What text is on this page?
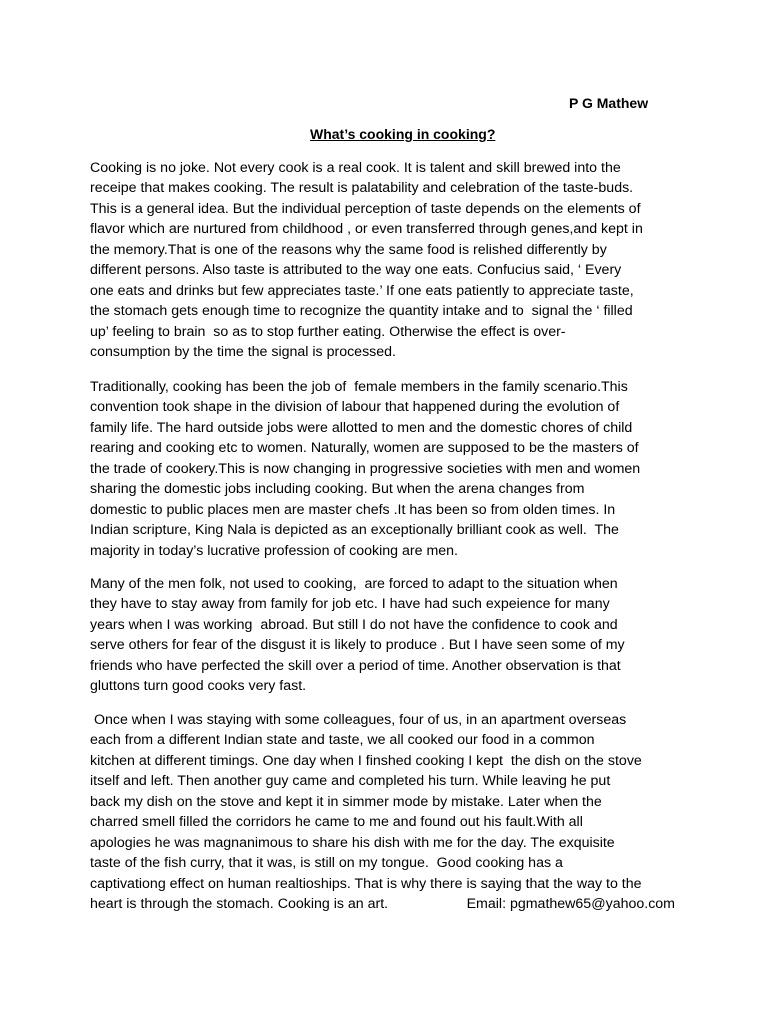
P G Mathew
What’s cooking in cooking?

Cooking is no joke. Not every cook is a real cook. It is talent and skill brewed into the
receipe that makes cooking. The result is palatability and celebration of the taste-buds.
This is a general idea. But the individual perception of taste depends on the elements of
flavor which are nurtured from childhood , or even transferred through genes,and kept in
the memory.That is one of the reasons why the same food is relished differently by
different persons. Also taste is attributed to the way one eats. Confucius said, ‘ Every
one eats and drinks but few appreciates taste.’ If one eats patiently to appreciate taste,
the stomach gets enough time to recognize the quantity intake and to  signal the ‘ filled
up’ feeling to brain  so as to stop further eating. Otherwise the effect is over-
consumption by the time the signal is processed.

Traditionally, cooking has been the job of  female members in the family scenario.This
convention took shape in the division of labour that happened during the evolution of
family life. The hard outside jobs were allotted to men and the domestic chores of child
rearing and cooking etc to women. Naturally, women are supposed to be the masters of
the trade of cookery.This is now changing in progressive societies with men and women
sharing the domestic jobs including cooking. But when the arena changes from
domestic to public places men are master chefs .It has been so from olden times. In
Indian scripture, King Nala is depicted as an exceptionally brilliant cook as well.  The
majority in today’s lucrative profession of cooking are men.

Many of the men folk, not used to cooking,  are forced to adapt to the situation when
they have to stay away from family for job etc. I have had such expeience for many
years when I was working  abroad. But still I do not have the confidence to cook and
serve others for fear of the disgust it is likely to produce . But I have seen some of my
friends who have perfected the skill over a period of time. Another observation is that
gluttons turn good cooks very fast.

Once when I was staying with some colleagues, four of us, in an apartment overseas
each from a different Indian state and taste, we all cooked our food in a common
kitchen at different timings. One day when I finshed cooking I kept  the dish on the stove
itself and left. Then another guy came and completed his turn. While leaving he put
back my dish on the stove and kept it in simmer mode by mistake. Later when the
charred smell filled the corridors he came to me and found out his fault.With all
apologies he was magnanimous to share his dish with me for the day. The exquisite
taste of the fish curry, that it was, is still on my tongue.  Good cooking has a
captivationg effect on human realtioships. That is why there is saying that the way to the
heart is through the stomach. Cooking is an art.	Email: pgmathew65@yahoo.com
